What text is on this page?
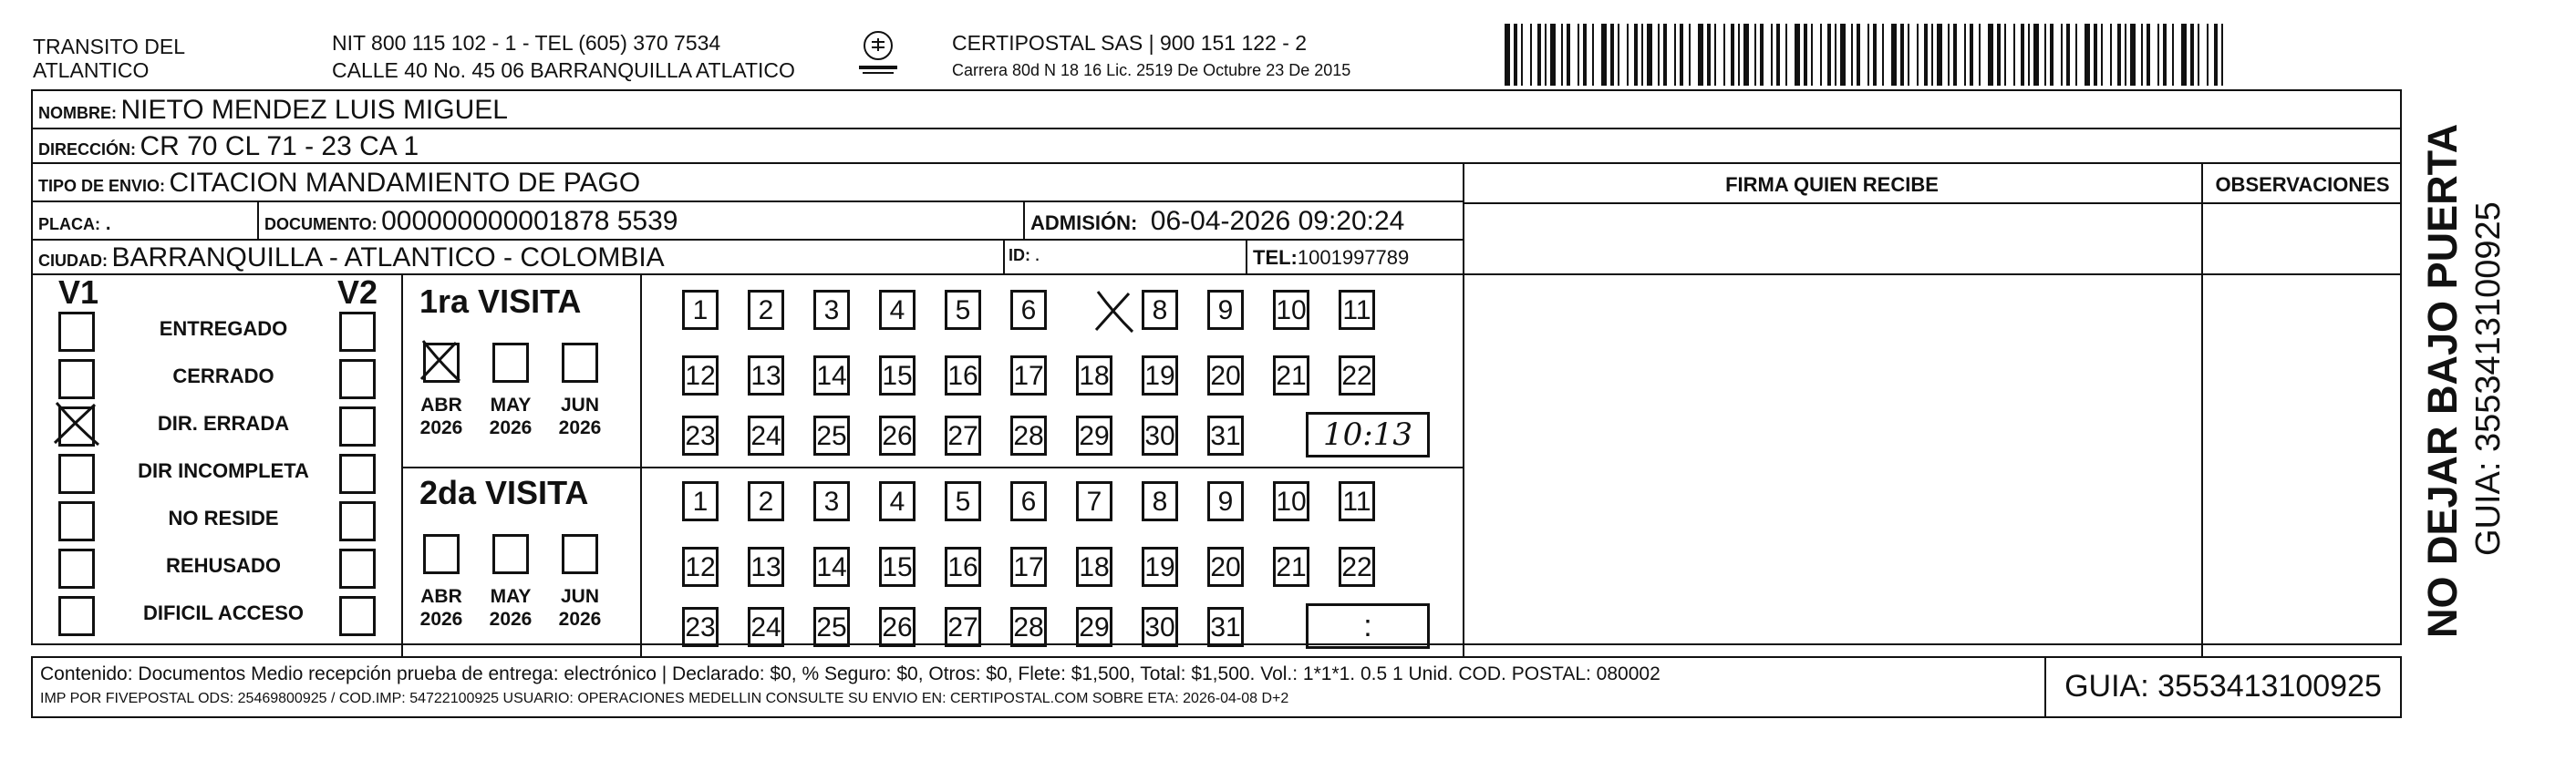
TRANSITO DEL
ATLANTICO
NIT 800 115 102 - 1 - TEL (605) 370 7534
CALLE 40 No. 45 06 BARRANQUILLA ATLATICO
CERTIPOSTAL SAS | 900 151 122 - 2
Carrera 80d N 18 16 Lic. 2519 De Octubre 23 De 2015
NOMBRE: NIETO MENDEZ LUIS MIGUEL
DIRECCIÓN: CR 70 CL 71 - 23 CA 1
TIPO DE ENVIO: CITACION MANDAMIENTO DE PAGO
PLACA: .	DOCUMENTO: 000000000001878 5539	ADMISIÓN: 06-04-2026 09:20:24
CIUDAD: BARRANQUILLA - ATLANTICO - COLOMBIA	ID: .	TEL:1001997789
FIRMA QUIEN RECIBE	OBSERVACIONES
V1	V2
ENTREGADO
CERRADO
DIR. ERRADA
DIR INCOMPLETA
NO RESIDE
REHUSADO
DIFICIL ACCESO
1ra VISITA
ABR
2026
MAY
2026
JUN
2026
1	2	3	4	5	6	8	9	10 11
12 13 14 15 16 17 18 19 20 21 22
23 24 25 26 27 28 29 30 31	10:13
2da VISITA
ABR
2026
MAY
2026
JUN
2026
1	2	3	4	5	6	7	8	9	10 11
12 13 14 15 16 17 18 19 20 21 22
23 24 25 26 27 28 29 30 31	:
Contenido: Documentos Medio recepción prueba de entrega: electrónico | Declarado: $0, % Seguro: $0, Otros: $0, Flete: $1,500, Total: $1,500. Vol.: 1*1*1. 0.5 1 Unid. COD. POSTAL: 080002
IMP POR FIVEPOSTAL ODS: 25469800925 / COD.IMP: 54722100925 USUARIO: OPERACIONES MEDELLIN CONSULTE SU ENVIO EN: CERTIPOSTAL.COM SOBRE ETA: 2026-04-08 D+2	GUIA: 3553413100925
NO DEJAR BAJO PUERTA GUIA: 3553413100925
